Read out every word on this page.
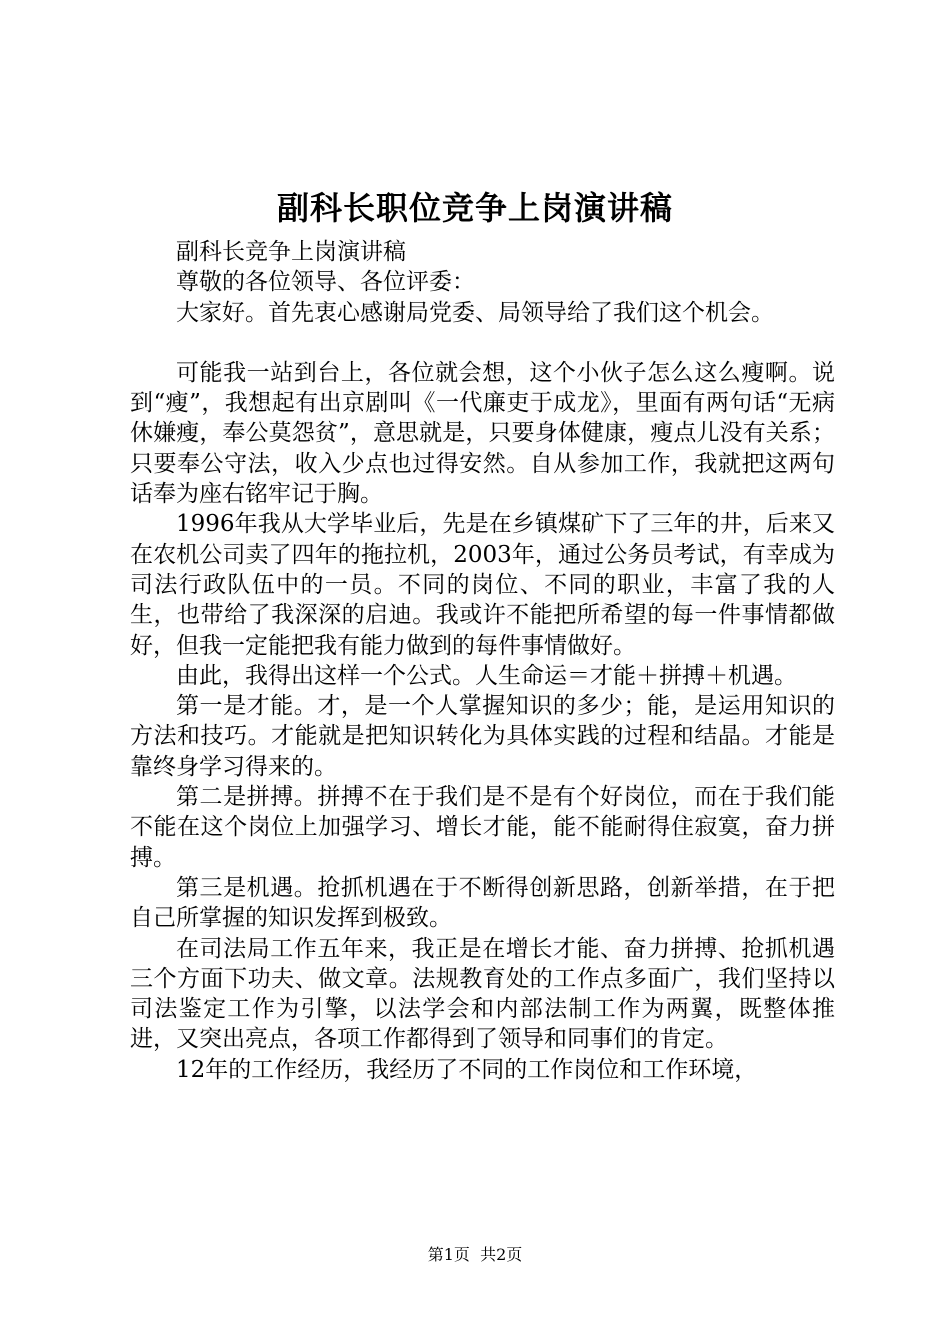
副科长职位竞争上岗演讲稿

副科长竞争上岗演讲稿

尊敬的各位领导、各位评委：

大家好。首先衷心感谢局党委、局领导给了我们这个机会。

可能我一站到台上，各位就会想，这个小伙子怎么这么瘦啊。说到“瘦”，我想起有出京剧叫《一代廉吏于成龙》，里面有两句话“无病休嫌瘦，奉公莫怨贫”，意思就是，只要身体健康，瘦点儿没有关系；只要奉公守法，收入少点也过得安然。自从参加工作，我就把这两句话奉为座右铭牢记于胸。

1996年我从大学毕业后，先是在乡镇煤矿下了三年的井，后来又在农机公司卖了四年的拖拉机，2003年，通过公务员考试，有幸成为司法行政队伍中的一员。不同的岗位、不同的职业，丰富了我的人生，也带给了我深深的启迪。我或许不能把所希望的每一件事情都做好，但我一定能把我有能力做到的每件事情做好。

由此，我得出这样一个公式。人生命运＝才能＋拼搏＋机遇。

第一是才能。才，是一个人掌握知识的多少；能，是运用知识的方法和技巧。才能就是把知识转化为具体实践的过程和结晶。才能是靠终身学习得来的。

第二是拼搏。拼搏不在于我们是不是有个好岗位，而在于我们能不能在这个岗位上加强学习、增长才能，能不能耐得住寂寞，奋力拼搏。

第三是机遇。抢抓机遇在于不断得创新思路，创新举措，在于把自己所掌握的知识发挥到极致。

在司法局工作五年来，我正是在增长才能、奋力拼搏、抢抓机遇三个方面下功夫、做文章。法规教育处的工作点多面广，我们坚持以司法鉴定工作为引擎，以法学会和内部法制工作为两翼，既整体推进，又突出亮点，各项工作都得到了领导和同事们的肯定。

12年的工作经历，我经历了不同的工作岗位和工作环境，

第1页  共2页
